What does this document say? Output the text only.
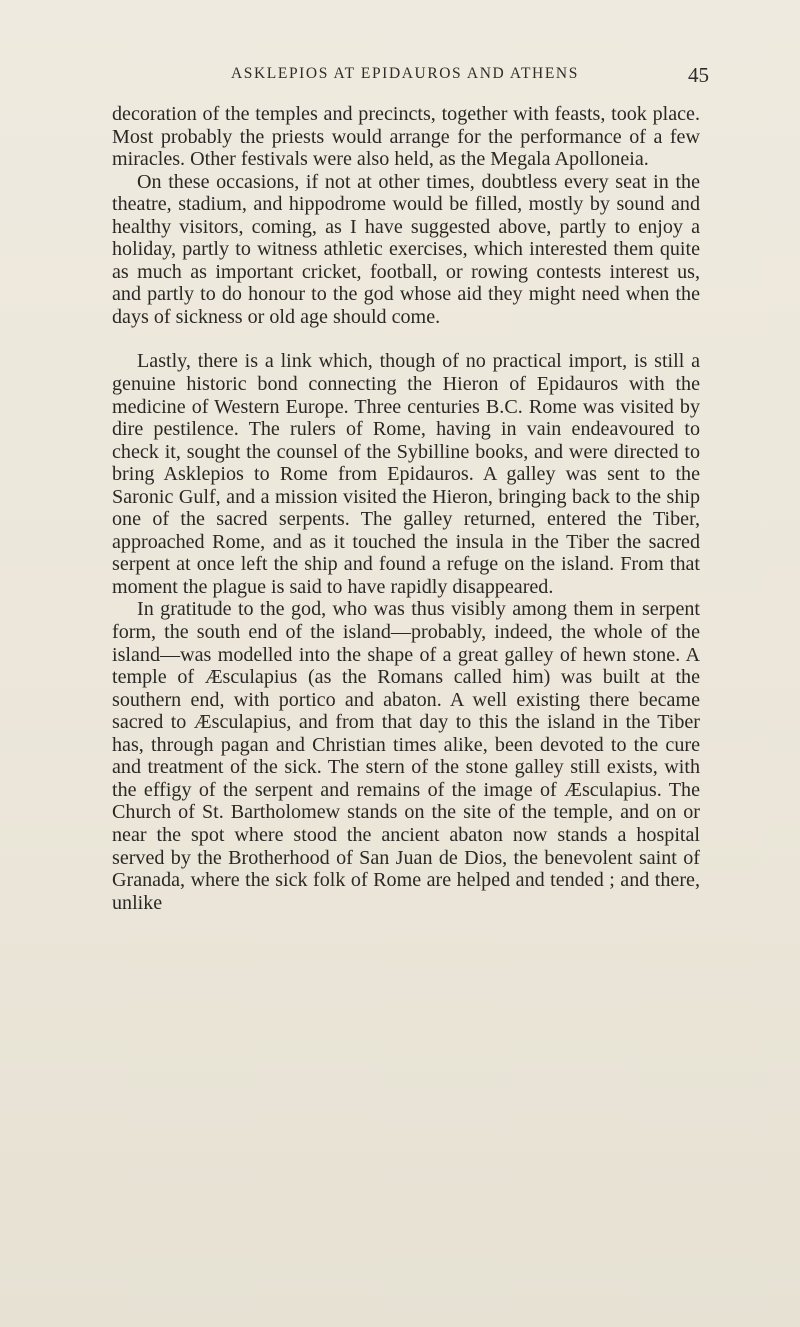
ASKLEPIOS AT EPIDAUROS AND ATHENS	45

decoration of the temples and precincts, together with feasts, took place. Most probably the priests would arrange for the performance of a few miracles. Other festivals were also held, as the Megala Apolloneia.

On these occasions, if not at other times, doubtless every seat in the theatre, stadium, and hippodrome would be filled, mostly by sound and healthy visitors, coming, as I have suggested above, partly to enjoy a holiday, partly to witness athletic exercises, which interested them quite as much as important cricket, football, or rowing contests interest us, and partly to do honour to the god whose aid they might need when the days of sickness or old age should come.

Lastly, there is a link which, though of no practical import, is still a genuine historic bond connecting the Hieron of Epidauros with the medicine of Western Europe. Three centuries B.C. Rome was visited by dire pestilence. The rulers of Rome, having in vain endeavoured to check it, sought the counsel of the Sybilline books, and were directed to bring Asklepios to Rome from Epidauros. A galley was sent to the Saronic Gulf, and a mission visited the Hieron, bringing back to the ship one of the sacred serpents. The galley returned, entered the Tiber, approached Rome, and as it touched the insula in the Tiber the sacred serpent at once left the ship and found a refuge on the island. From that moment the plague is said to have rapidly disappeared.

In gratitude to the god, who was thus visibly among them in serpent form, the south end of the island—probably, indeed, the whole of the island—was modelled into the shape of a great galley of hewn stone. A temple of Æsculapius (as the Romans called him) was built at the southern end, with portico and abaton. A well existing there became sacred to Æsculapius, and from that day to this the island in the Tiber has, through pagan and Christian times alike, been devoted to the cure and treatment of the sick. The stern of the stone galley still exists, with the effigy of the serpent and remains of the image of Æsculapius. The Church of St. Bartholomew stands on the site of the temple, and on or near the spot where stood the ancient abaton now stands a hospital served by the Brotherhood of San Juan de Dios, the benevolent saint of Granada, where the sick folk of Rome are helped and tended ; and there, unlike
